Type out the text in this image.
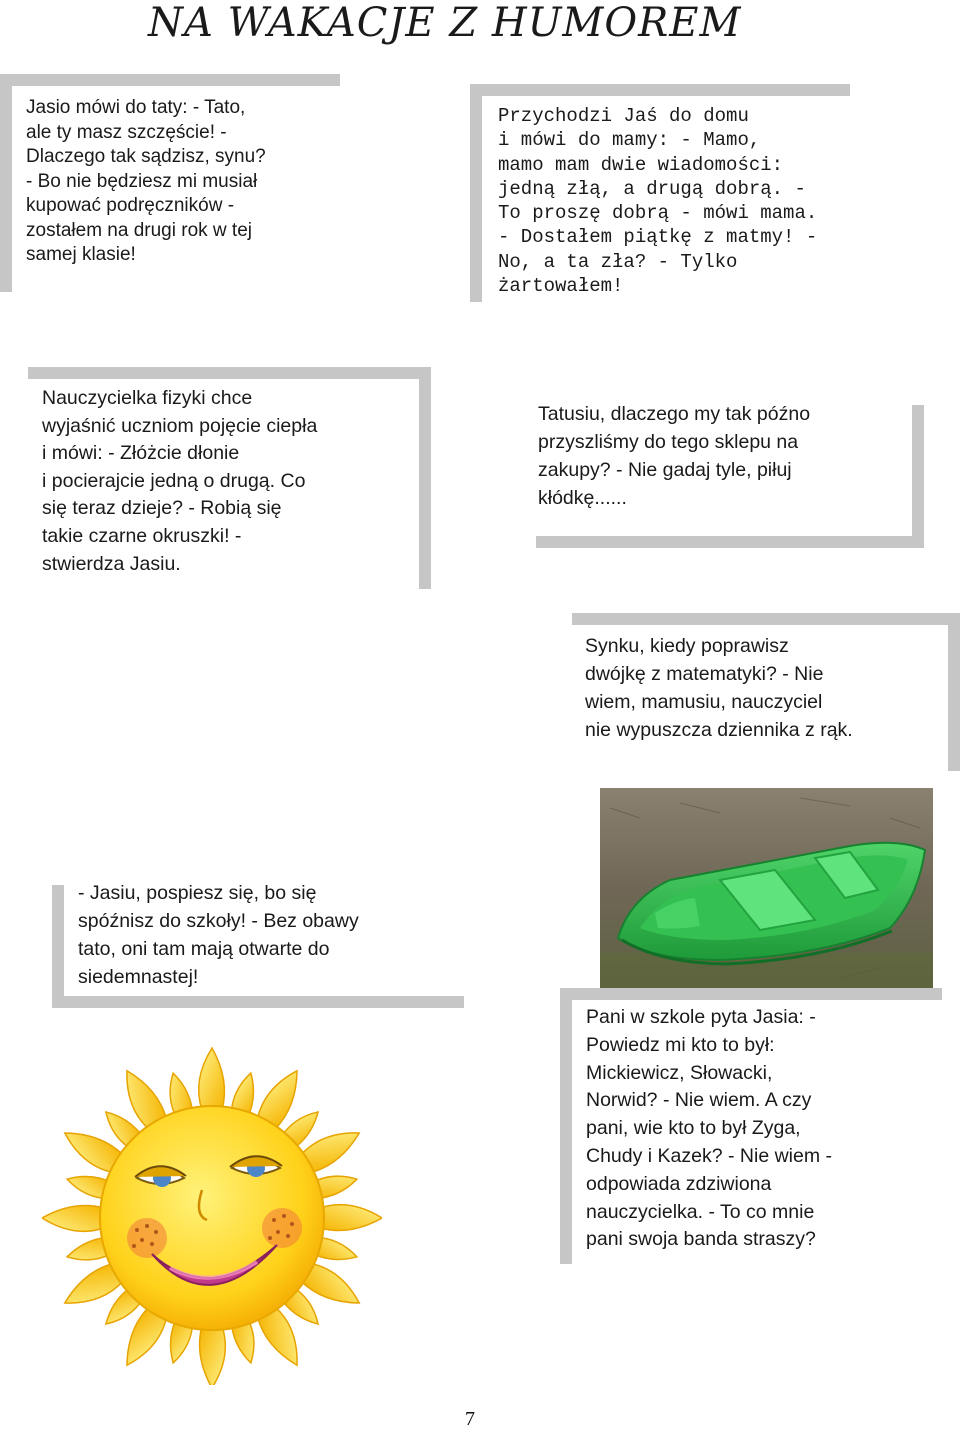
NA WAKACJE Z HUMOREM

Jasio mówi do taty: - Tato,
ale ty masz szczęście! -
Dlaczego tak sądzisz, synu?
- Bo nie będziesz mi musiał
kupować podręczników -
zostałem na drugi rok w tej
samej klasie!

Przychodzi Jaś do domu
i mówi do mamy: - Mamo,
mamo mam dwie wiadomości:
jedną złą, a drugą dobrą. -
To proszę dobrą - mówi mama.
- Dostałem piątkę z matmy! -
No, a ta zła? - Tylko
żartowałem!

Nauczycielka fizyki chce
wyjaśnić uczniom pojęcie ciepła
i mówi: - Złóżcie dłonie
i pocierajcie jedną o drugą. Co
się teraz dzieje? - Robią się
takie czarne okruszki! -
stwierdza Jasiu.

Tatusiu, dlaczego my tak późno
przyszliśmy do tego sklepu na
zakupy? - Nie gadaj tyle, piłuj
kłódkę......

Synku, kiedy poprawisz
dwójkę z matematyki? - Nie
wiem, mamusiu, nauczyciel
nie wypuszcza dziennika z rąk.

- Jasiu, pospiesz się, bo się
spóźnisz do szkoły! - Bez obawy
tato, oni tam mają otwarte do
siedemnastej!

Pani w szkole pyta Jasia: -
Powiedz mi kto to był:
Mickiewicz, Słowacki,
Norwid? - Nie wiem. A czy
pani, wie kto to był Zyga,
Chudy i Kazek? - Nie wiem -
odpowiada zdziwiona
nauczycielka. - To co mnie
pani swoja banda straszy?

7
